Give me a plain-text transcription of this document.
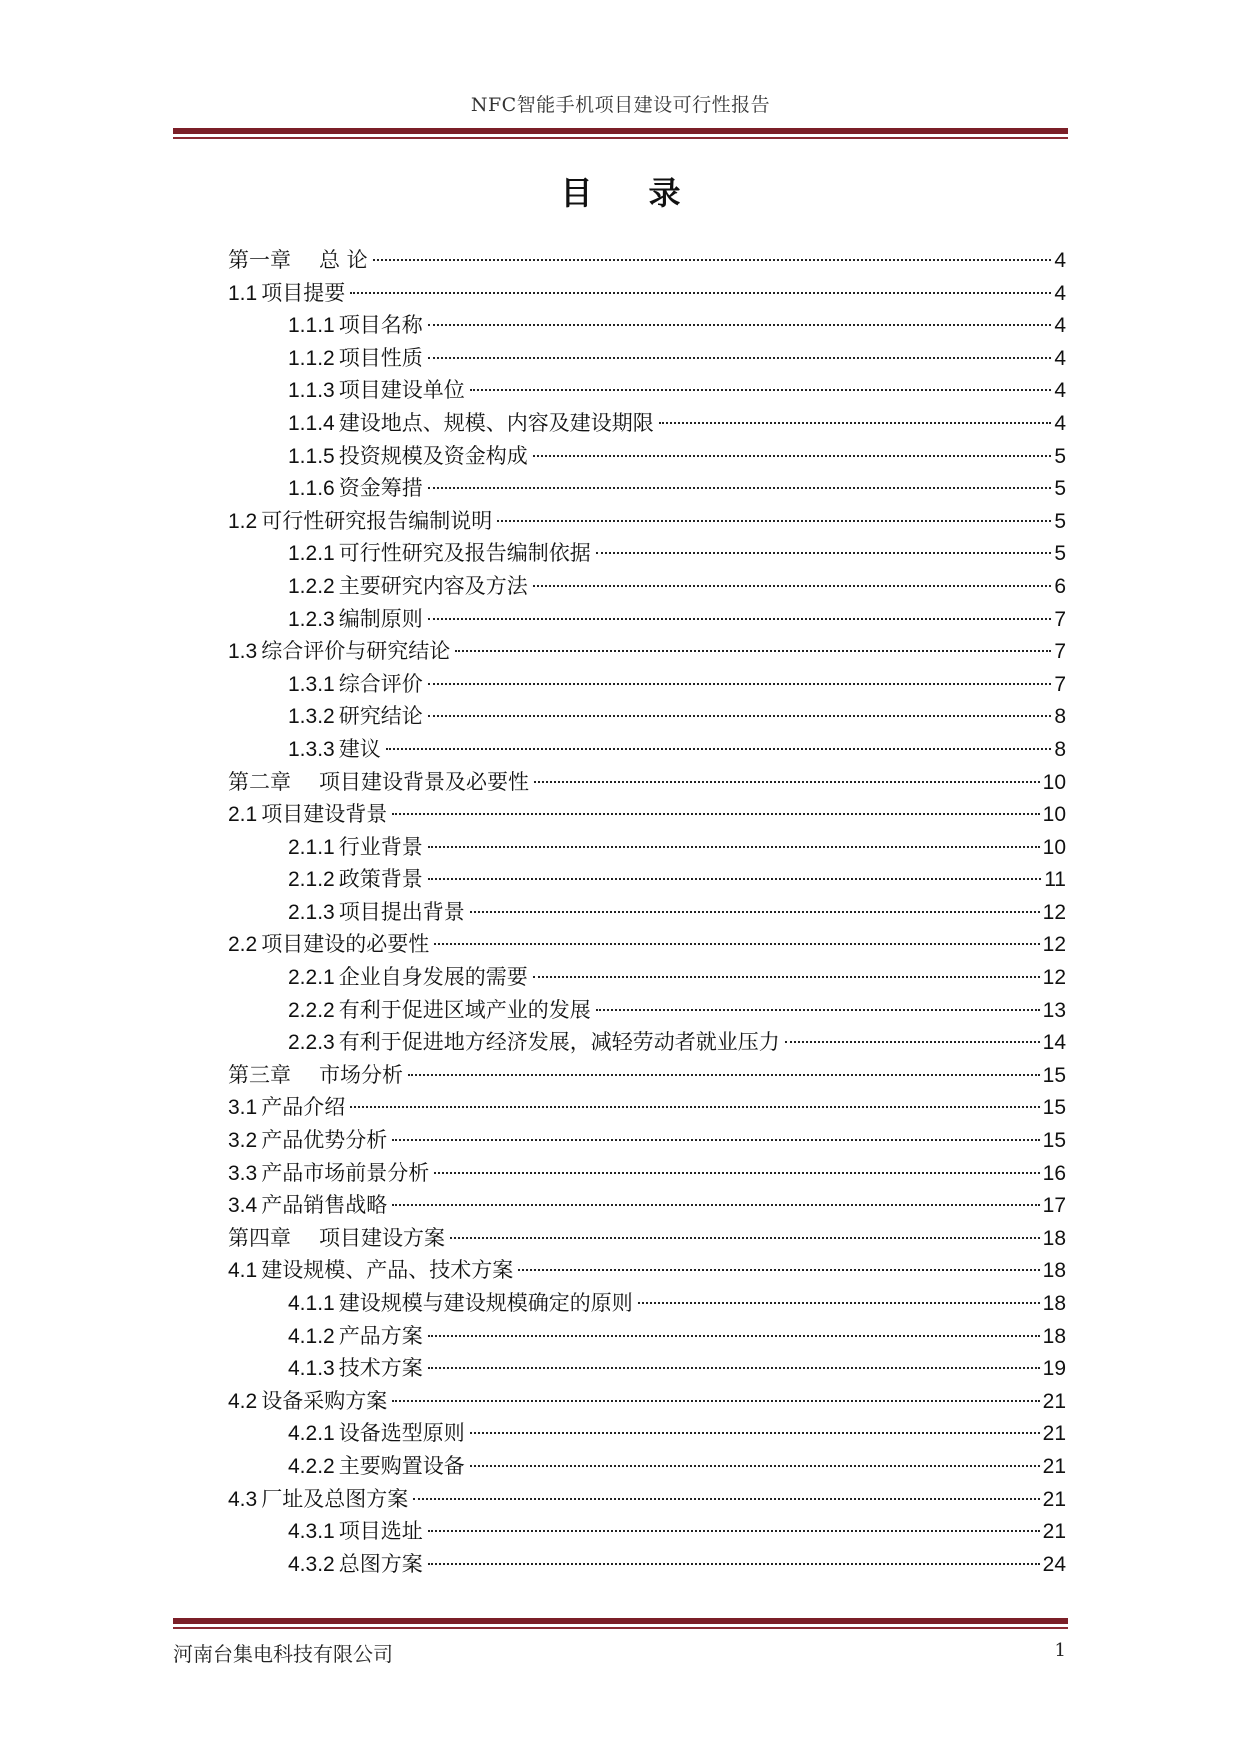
NFC智能手机项目建设可行性报告
目录
第一章 总 论	4
1.1 项目提要	4
1.1.1 项目名称	4
1.1.2 项目性质	4
1.1.3 项目建设单位	4
1.1.4 建设地点、规模、内容及建设期限	4
1.1.5 投资规模及资金构成	5
1.1.6 资金筹措	5
1.2 可行性研究报告编制说明	5
1.2.1 可行性研究及报告编制依据	5
1.2.2 主要研究内容及方法	6
1.2.3 编制原则	7
1.3 综合评价与研究结论	7
1.3.1 综合评价	7
1.3.2 研究结论	8
1.3.3 建议	8
第二章 项目建设背景及必要性	10
2.1 项目建设背景	10
2.1.1 行业背景	10
2.1.2 政策背景	11
2.1.3 项目提出背景	12
2.2 项目建设的必要性	12
2.2.1 企业自身发展的需要	12
2.2.2 有利于促进区域产业的发展	13
2.2.3 有利于促进地方经济发展，减轻劳动者就业压力	14
第三章 市场分析	15
3.1 产品介绍	15
3.2 产品优势分析	15
3.3 产品市场前景分析	16
3.4 产品销售战略	17
第四章 项目建设方案	18
4.1 建设规模、产品、技术方案	18
4.1.1 建设规模与建设规模确定的原则	18
4.1.2 产品方案	18
4.1.3 技术方案	19
4.2 设备采购方案	21
4.2.1 设备选型原则	21
4.2.2 主要购置设备	21
4.3 厂址及总图方案	21
4.3.1 项目选址	21
4.3.2 总图方案	24
河南台集电科技有限公司	1
